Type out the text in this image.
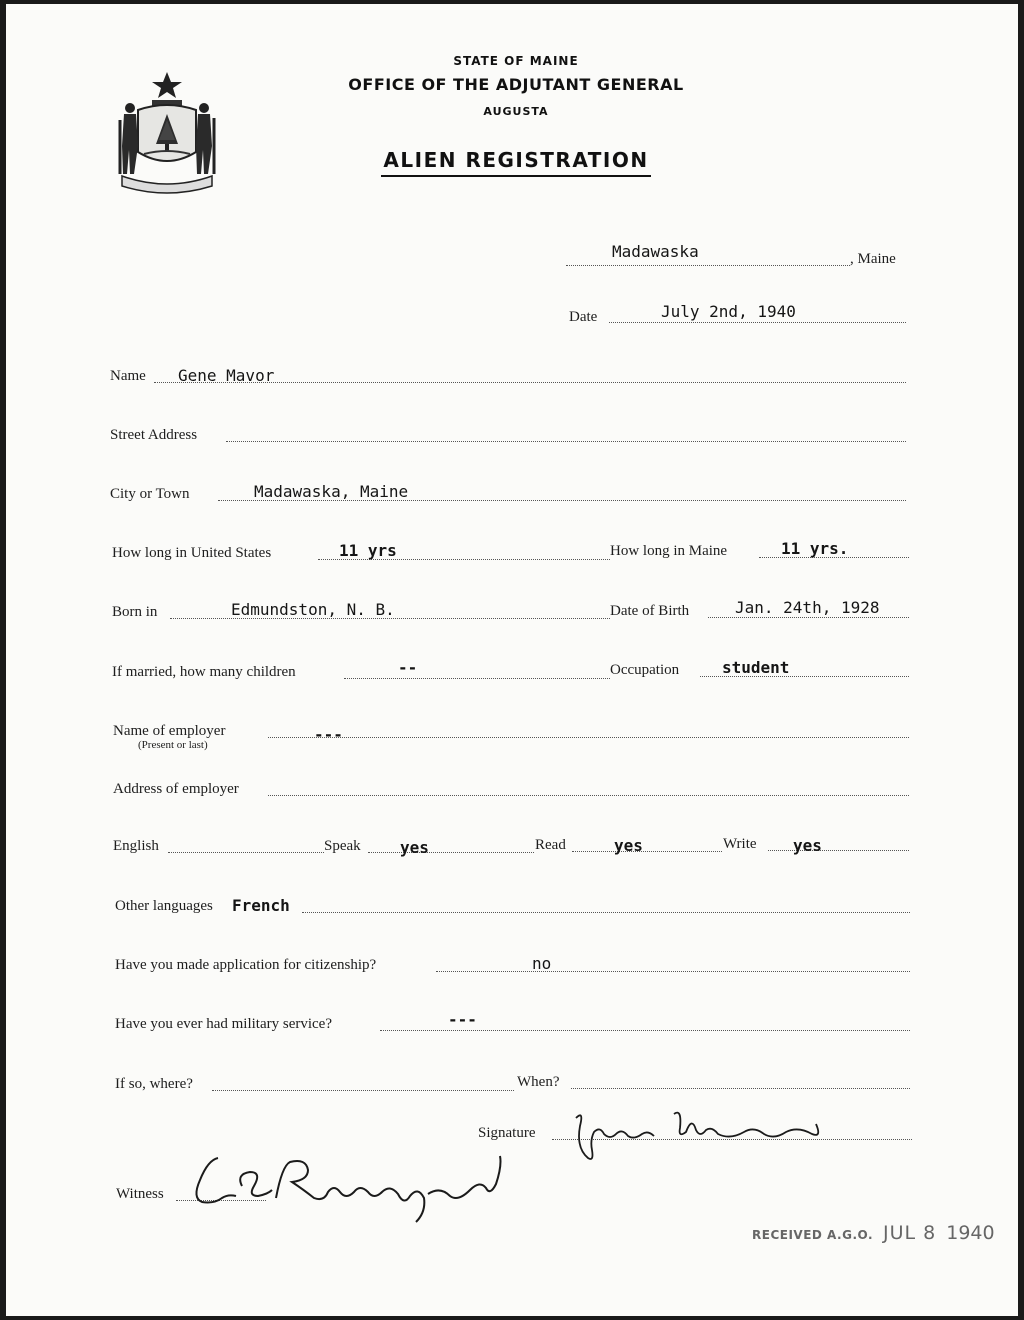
STATE OF MAINE
OFFICE OF THE ADJUTANT GENERAL
AUGUSTA
ALIEN REGISTRATION
Madawaska	, Maine
Date	July 2nd, 1940
Name Gene Mavor
Street Address
City or Town	Madawaska, Maine
How long in United States	11 yrs	How long in Maine	11 yrs.
Born in	Edmundston, N. B.	Date of Birth	Jan. 24th, 1928
If married, how many children	--	Occupation	student
Name of employer
(Present or last)
---
Address of employer
English	Speak yes	Read	yes	Write yes
Other languages French
Have you made application for citizenship?	no
Have you ever had military service?	---
If so, where?	When?
Signature
Witness
RECEIVED A.G.O. JUL 8 1940
